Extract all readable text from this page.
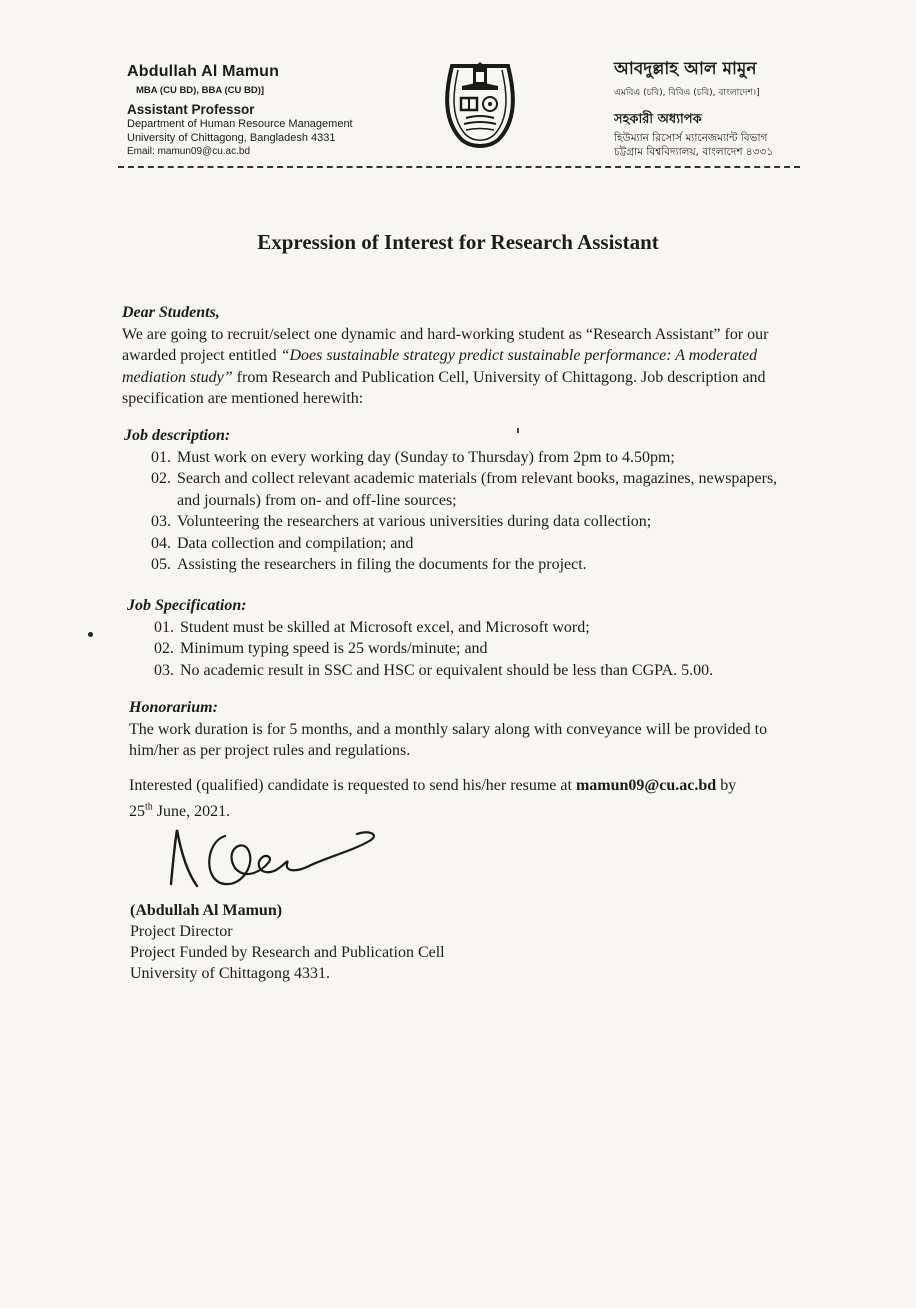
Abdullah Al Mamun
MBA (CU BD), BBA (CU BD)]
Assistant Professor
Department of Human Resource Management
University of Chittagong, Bangladesh 4331
Email: mamun09@cu.ac.bd
আবদুল্লাহ আল মামুন
এমবিএ (চবি), বিবিএ (চবি), বাংলাদেশ।]
সহকারী অধ্যাপক
হিউম্যান রিসোর্স ম্যানেজম্যান্ট বিভাগ
চট্টগ্রাম বিশ্ববিদ্যালয়, বাংলাদেশ ৪৩৩১
Expression of Interest for Research Assistant
Dear Students,
We are going to recruit/select one dynamic and hard-working student as “Research Assistant” for our awarded project entitled “Does sustainable strategy predict sustainable performance: A moderated mediation study” from Research and Publication Cell, University of Chittagong. Job description and specification are mentioned herewith:
Job description:
01. Must work on every working day (Sunday to Thursday) from 2pm to 4.50pm;
02. Search and collect relevant academic materials (from relevant books, magazines, newspapers, and journals) from on- and off-line sources;
03. Volunteering the researchers at various universities during data collection;
04. Data collection and compilation; and
05. Assisting the researchers in filing the documents for the project.
Job Specification:
01. Student must be skilled at Microsoft excel, and Microsoft word;
02. Minimum typing speed is 25 words/minute; and
03. No academic result in SSC and HSC or equivalent should be less than CGPA. 5.00.
Honorarium:
The work duration is for 5 months, and a monthly salary along with conveyance will be provided to him/her as per project rules and regulations.
Interested (qualified) candidate is requested to send his/her resume at mamun09@cu.ac.bd by
25th June, 2021.
(Abdullah Al Mamun)
Project Director
Project Funded by Research and Publication Cell
University of Chittagong 4331.
